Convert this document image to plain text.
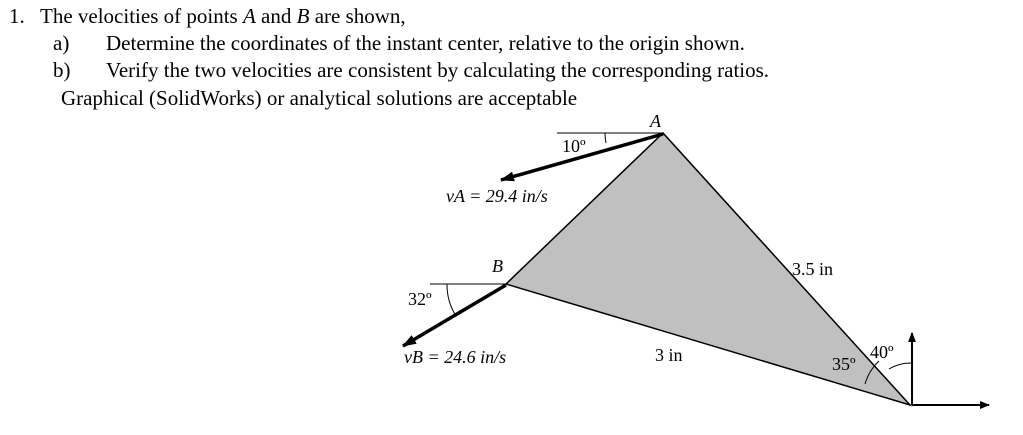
1. The velocities of points A and B are shown,
a) Determine the coordinates of the instant center, relative to the origin shown.
b) Verify the two velocities are consistent by calculating the corresponding ratios.
Graphical (SolidWorks) or analytical solutions are acceptable
A
B
10º
32º
vA = 29.4 in/s
vB = 24.6 in/s
3.5 in
3 in	35º
40º
